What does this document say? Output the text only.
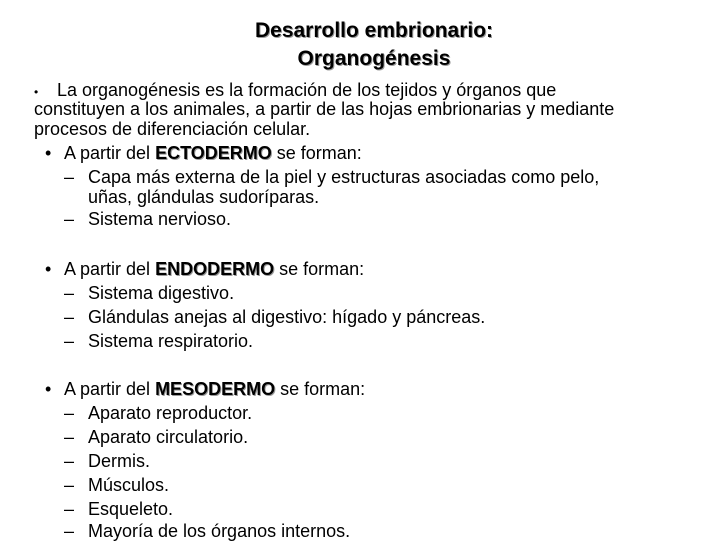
Desarrollo embrionario:
Organogénesis
• La organogénesis es la formación de los tejidos y órganos que
constituyen a los animales, a partir de las hojas embrionarias y mediante
procesos de diferenciación celular.
• A partir del ECTODERMO se forman:
– Capa más externa de la piel y estructuras asociadas como pelo,
uñas, glándulas sudoríparas.
– Sistema nervioso.
• A partir del ENDODERMO se forman:
– Sistema digestivo.
– Glándulas anejas al digestivo: hígado y páncreas.
– Sistema respiratorio.
• A partir del MESODERMO se forman:
– Aparato reproductor.
– Aparato circulatorio.
– Dermis.
– Músculos.
– Esqueleto.
– Mayoría de los órganos internos.
